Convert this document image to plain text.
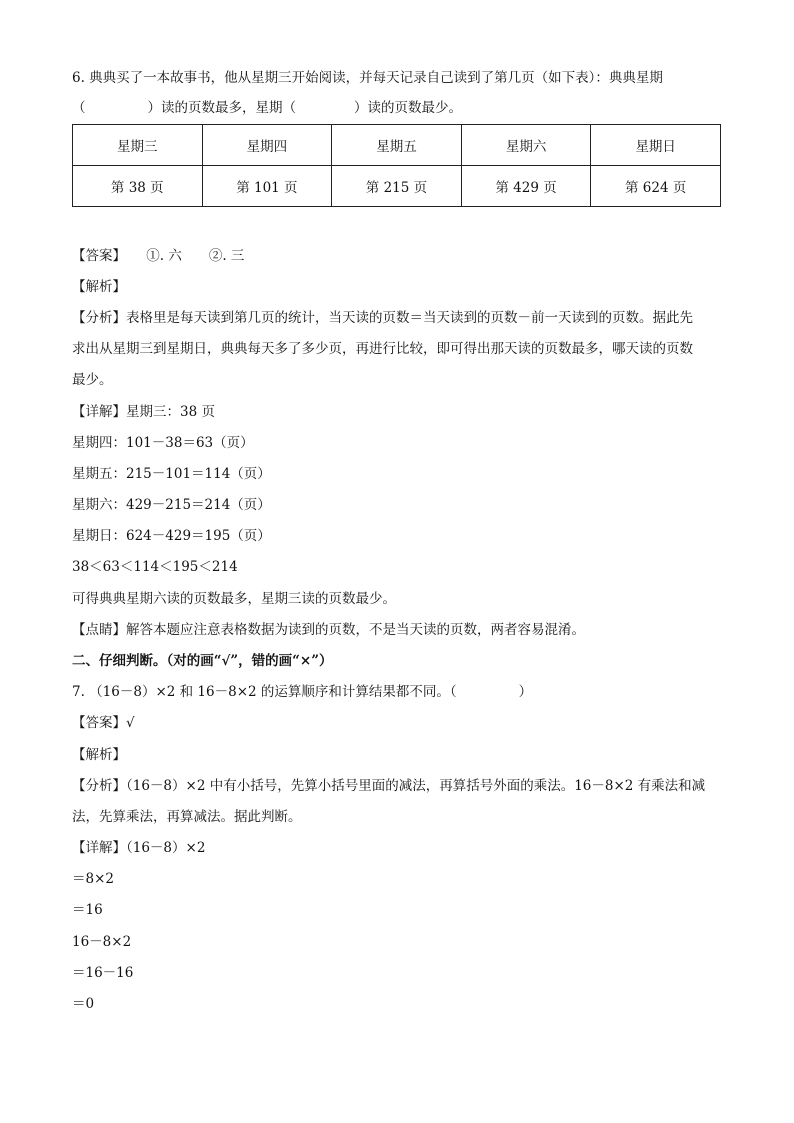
6. 典典买了一本故事书，他从星期三开始阅读，并每天记录自己读到了第几页（如下表）：典典星期
（	）读的页数最多，星期（	）读的页数最少。
星期三	星期四	星期五	星期六	星期日
第 38 页	第 101 页	第 215 页	第 429 页	第 624 页
【答案】　　①. 六　　②. 三
【解析】
【分析】表格里是每天读到第几页的统计，当天读的页数＝当天读到的页数－前一天读到的页数。据此先
求出从星期三到星期日，典典每天多了多少页，再进行比较，即可得出那天读的页数最多，哪天读的页数
最少。
【详解】星期三：38 页
星期四：101－38＝63（页）
星期五：215－101＝114（页）
星期六：429－215＝214（页）
星期日：624－429＝195（页）
38＜63＜114＜195＜214
可得典典星期六读的页数最多，星期三读的页数最少。
【点睛】解答本题应注意表格数据为读到的页数，不是当天读的页数，两者容易混淆。
二、仔细判断。（对的画“√”，错的画“×”）
7. （16－8）×2 和 16－8×2 的运算顺序和计算结果都不同。（	）
【答案】√
【解析】
【分析】（16－8）×2 中有小括号，先算小括号里面的减法，再算括号外面的乘法。16－8×2 有乘法和减
法，先算乘法，再算减法。据此判断。
【详解】（16－8）×2
＝8×2
＝16
16－8×2
＝16－16
＝0
